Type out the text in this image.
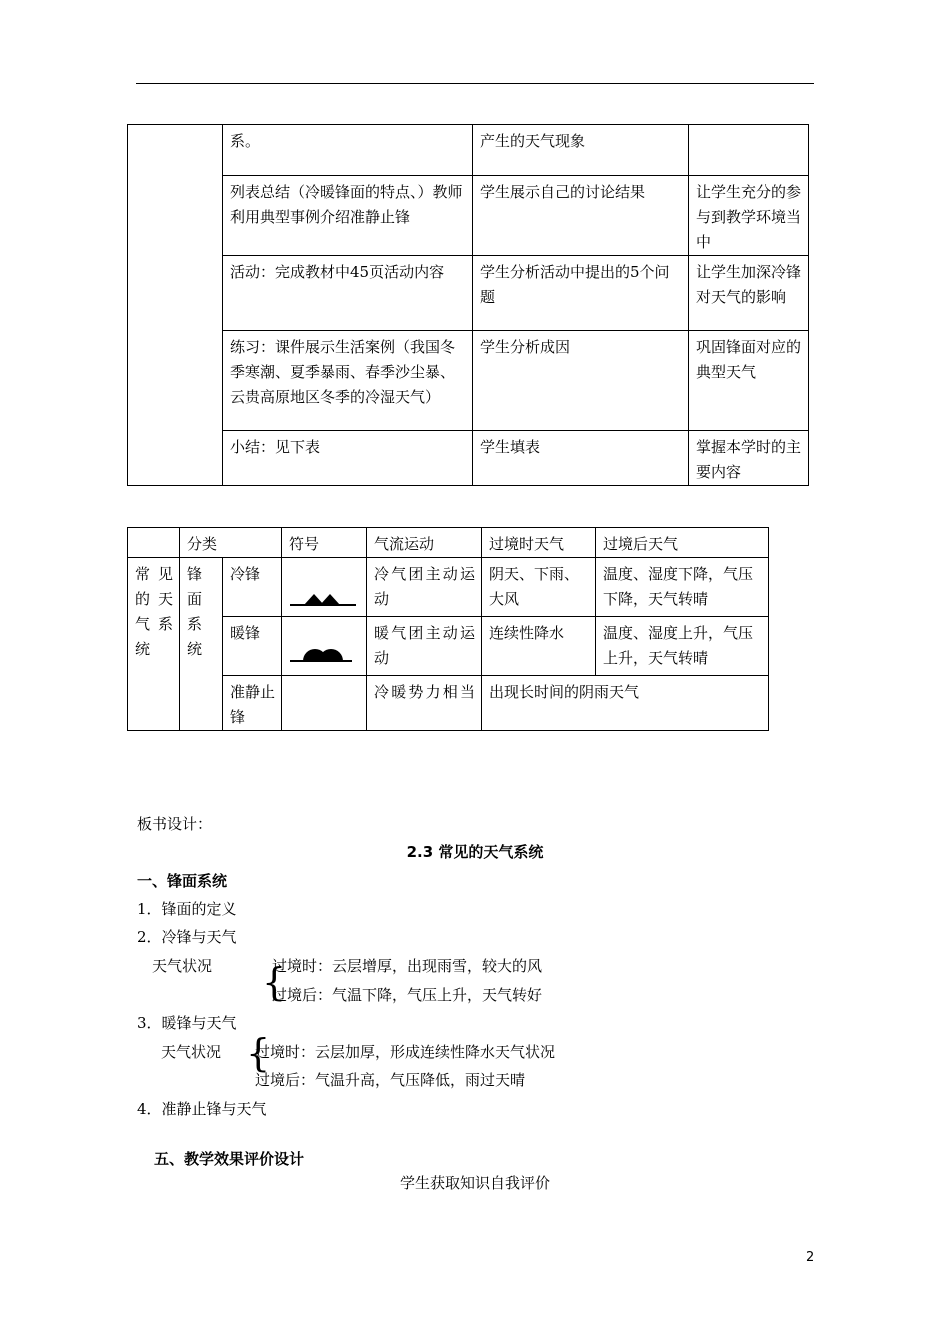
	系。	产生的天气现象	
	列表总结（冷暖锋面的特点、）教师利用典型事例介绍准静止锋	学生展示自己的讨论结果	让学生充分的参与到教学环境当中
	活动：完成教材中45页活动内容	学生分析活动中提出的5个问题	让学生加深冷锋对天气的影响
	练习：课件展示生活案例（我国冬季寒潮、夏季暴雨、春季沙尘暴、云贵高原地区冬季的冷湿天气）	学生分析成因	巩固锋面对应的典型天气
	小结：见下表	学生填表	掌握本学时的主要内容
	分类		符号	气流运动	过境时天气	过境后天气
常见的天气系统	锋面系统	冷锋		冷气团主动运动	阴天、下雨、大风	温度、湿度下降，气压下降，天气转晴
		暖锋		暖气团主动运动	连续性降水	温度、湿度上升，气压上升，天气转晴
		准静止锋		冷暖势力相当	出现长时间的阴雨天气	
板书设计：
2.3 常见的天气系统
一、锋面系统
1．锋面的定义
2．冷锋与天气
天气状况 {
过境时：云层增厚，出现雨雪，较大的风
过境后：气温下降，气压上升，天气转好
3．暖锋与天气
天气状况 {
过境时：云层加厚，形成连续性降水天气状况
过境后：气温升高，气压降低，雨过天晴
4．准静止锋与天气
五、教学效果评价设计
学生获取知识自我评价
2
